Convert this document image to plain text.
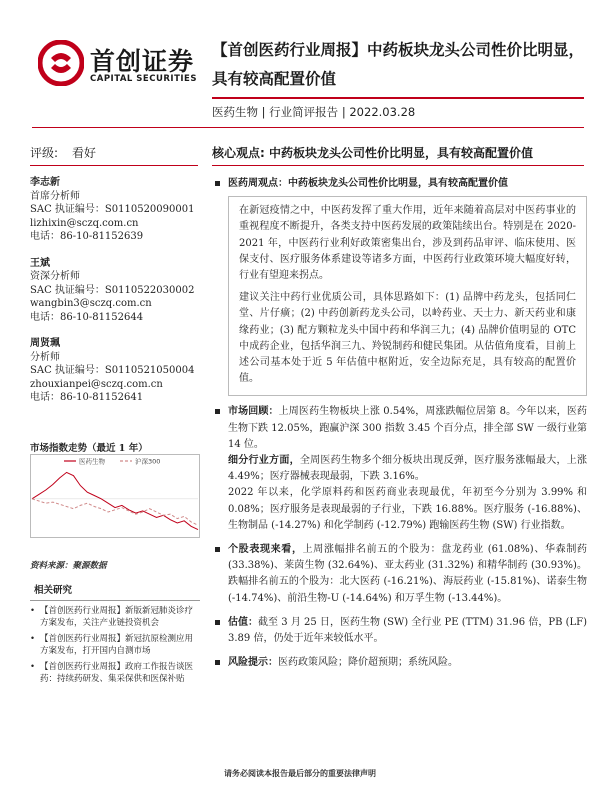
首创证券
CAPITAL SECURITIES
【首创医药行业周报】中药板块龙头公司性价比明显，具有较高配置价值
医药生物 | 行业简评报告 | 2022.03.28
评级: 看好	核心观点: 中药板块龙头公司性价比明显，具有较高配置价值
李志新
首席分析师
SAC 执证编号：S0110520090001
lizhixin@sczq.com.cn
电话：86-10-81152639
王斌
资深分析师
SAC 执证编号：S0110522030002
wangbin3@sczq.com.cn
电话：86-10-81152644
周贤珮
分析师
SAC 执证编号：S0110521050004
zhouxianpei@sczq.com.cn
电话：86-10-81152641
市场指数走势（最近 1 年）
医药生物	沪深300
资料来源：聚源数据
相关研究
• 【首创医药行业周报】新版新冠肺炎诊疗方案发布，关注产业链投资机会
• 【首创医药行业周报】新冠抗原检测应用方案发布，打开国内自测市场
• 【首创医药行业周报】政府工作报告谈医药：持续药研发、集采保供和医保补贴
医药周观点：中药板块龙头公司性价比明显，具有较高配置价值
在新冠疫情之中，中医药发挥了重大作用，近年来随着高层对中医药事业的重视程度不断提升，各类支持中医药发展的政策陆续出台。特别是在 2020-2021 年，中医药行业利好政策密集出台，涉及到药品审评、临床使用、医保支付、医疗服务体系建设等诸多方面，中医药行业政策环境大幅度好转，行业有望迎来拐点。
建议关注中药行业优质公司，具体思路如下：(1) 品牌中药龙头，包括同仁堂、片仔癀；(2) 中药创新药龙头公司，以岭药业、天士力、新天药业和康缘药业；(3) 配方颗粒龙头中国中药和华润三九；(4) 品牌价值明显的 OTC 中成药企业，包括华润三九、羚锐制药和健民集团。从估值角度看，目前上述公司基本处于近 5 年估值中枢附近，安全边际充足，具有较高的配置价值。
市场回顾：上周医药生物板块上涨 0.54%，周涨跌幅位居第 8。今年以来，医药生物下跌 12.05%，跑赢沪深 300 指数 3.45 个百分点，排全部 SW 一级行业第 14 位。
细分行业方面，全周医药生物多个细分板块出现反弹，医疗服务涨幅最大，上涨 4.49%；医疗器械表现最弱，下跌 3.16%。
2022 年以来，化学原料药和医药商业表现最优，年初至今分别为 3.99% 和 0.08%；医疗服务是表现最弱的子行业，下跌 16.88%。医疗服务 (-16.88%)、生物制品 (-14.27%) 和化学制药 (-12.79%) 跑输医药生物 (SW) 行业指数。
个股表现来看，上周涨幅排名前五的个股为：盘龙药业 (61.08%)、华森制药 (33.38%)、莱茵生物 (32.64%)、亚太药业 (31.32%) 和精华制药 (30.93%)。跌幅排名前五的个股为：北大医药 (-16.21%)、海辰药业 (-15.81%)、诺泰生物 (-14.74%)、前沿生物-U (-14.64%) 和万孚生物 (-13.44%)。
估值：截至 3 月 25 日，医药生物 (SW) 全行业 PE (TTM) 31.96 倍，PB (LF) 3.89 倍，仍处于近年来较低水平。
风险提示：医药政策风险；降价超预期；系统风险。
请务必阅读本报告最后部分的重要法律声明
